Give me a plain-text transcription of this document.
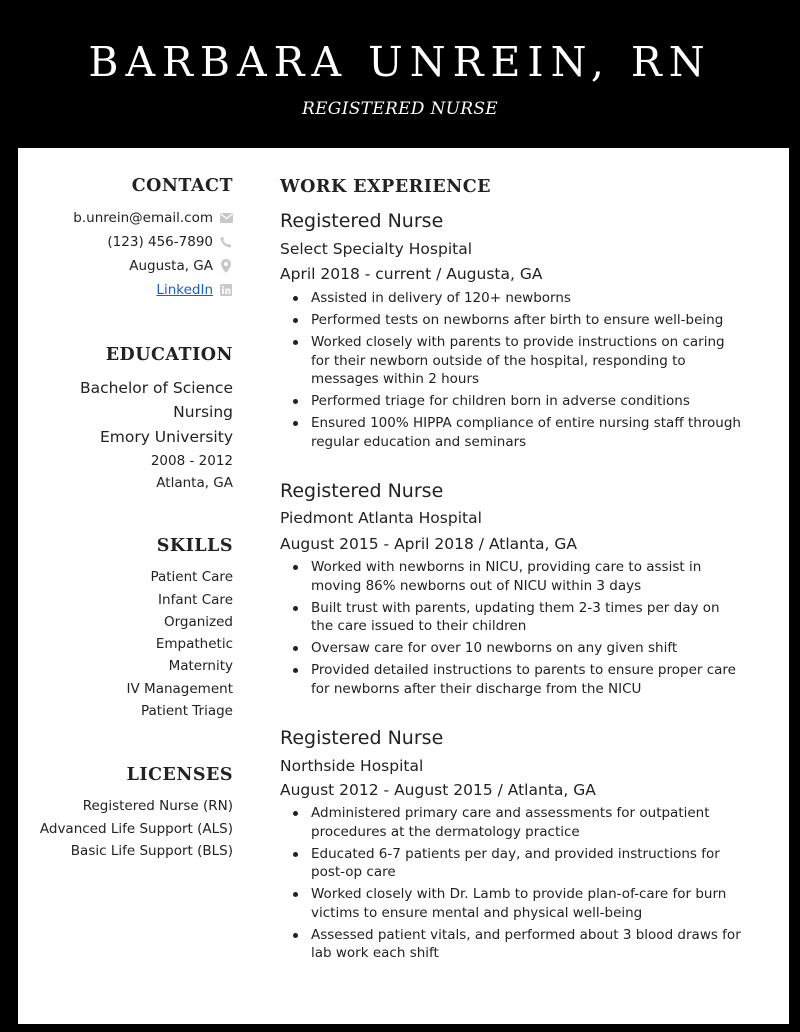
BARBARA UNREIN, RN
REGISTERED NURSE
CONTACT
b.unrein@email.com
(123) 456-7890
Augusta, GA
LinkedIn
EDUCATION
Bachelor of Science
Nursing
Emory University
2008 - 2012
Atlanta, GA
SKILLS
Patient Care
Infant Care
Organized
Empathetic
Maternity
IV Management
Patient Triage
LICENSES
Registered Nurse (RN)
Advanced Life Support (ALS)
Basic Life Support (BLS)
WORK EXPERIENCE
Registered Nurse
Select Specialty Hospital
April 2018 - current / Augusta, GA
Assisted in delivery of 120+ newborns
Performed tests on newborns after birth to ensure well-being
Worked closely with parents to provide instructions on caring for their newborn outside of the hospital, responding to messages within 2 hours
Performed triage for children born in adverse conditions
Ensured 100% HIPPA compliance of entire nursing staff through regular education and seminars
Registered Nurse
Piedmont Atlanta Hospital
August 2015 - April 2018 / Atlanta, GA
Worked with newborns in NICU, providing care to assist in moving 86% newborns out of NICU within 3 days
Built trust with parents, updating them 2-3 times per day on the care issued to their children
Oversaw care for over 10 newborns on any given shift
Provided detailed instructions to parents to ensure proper care for newborns after their discharge from the NICU
Registered Nurse
Northside Hospital
August 2012 - August 2015 / Atlanta, GA
Administered primary care and assessments for outpatient procedures at the dermatology practice
Educated 6-7 patients per day, and provided instructions for post-op care
Worked closely with Dr. Lamb to provide plan-of-care for burn victims to ensure mental and physical well-being
Assessed patient vitals, and performed about 3 blood draws for lab work each shift
